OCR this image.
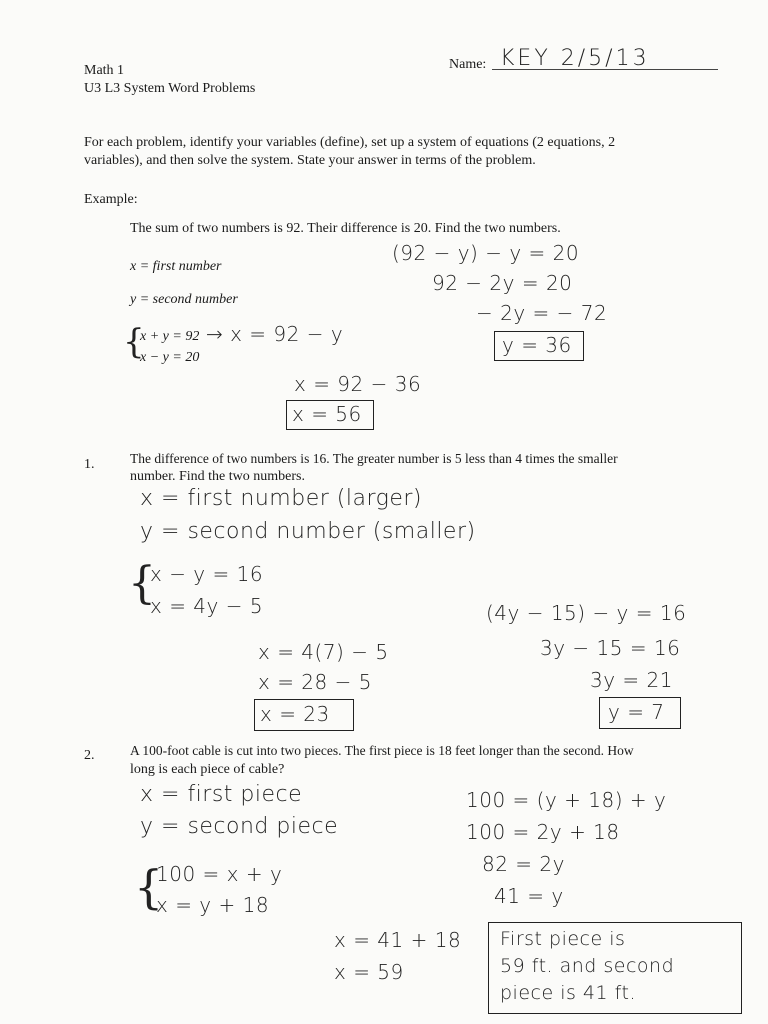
Math 1
U3 L3 System Word Problems
Name: KEY 2/5/13
For each problem, identify your variables (define), set up a system of equations (2 equations, 2
variables), and then solve the system. State your answer in terms of the problem.
Example:
The sum of two numbers is 92. Their difference is 20. Find the two numbers.
x = first number
y = second number
{
x + y = 92
x − y = 20
→ x = 92 − y
(92 − y) − y = 20
92 − 2y = 20
− 2y = − 72
y = 36
x = 92 − 36
x = 56
1.	The difference of two numbers is 16. The greater number is 5 less than 4 times the smaller
number. Find the two numbers.
x = first number (larger)
y = second number (smaller)
{
x − y = 16
x = 4y − 5	(4y − 15) − y = 16
3y − 15 = 16
3y = 21
y = 7
x = 4(7) − 5
x = 28 − 5
x = 23
2.	A 100-foot cable is cut into two pieces. The first piece is 18 feet longer than the second. How
long is each piece of cable?
x = first piece
y = second piece
{
100 = x + y
x = y + 18
100 = (y + 18) + y
100 = 2y + 18
82 = 2y
41 = y
x = 41 + 18
x = 59
First piece is
59 ft. and second
piece is 41 ft.
